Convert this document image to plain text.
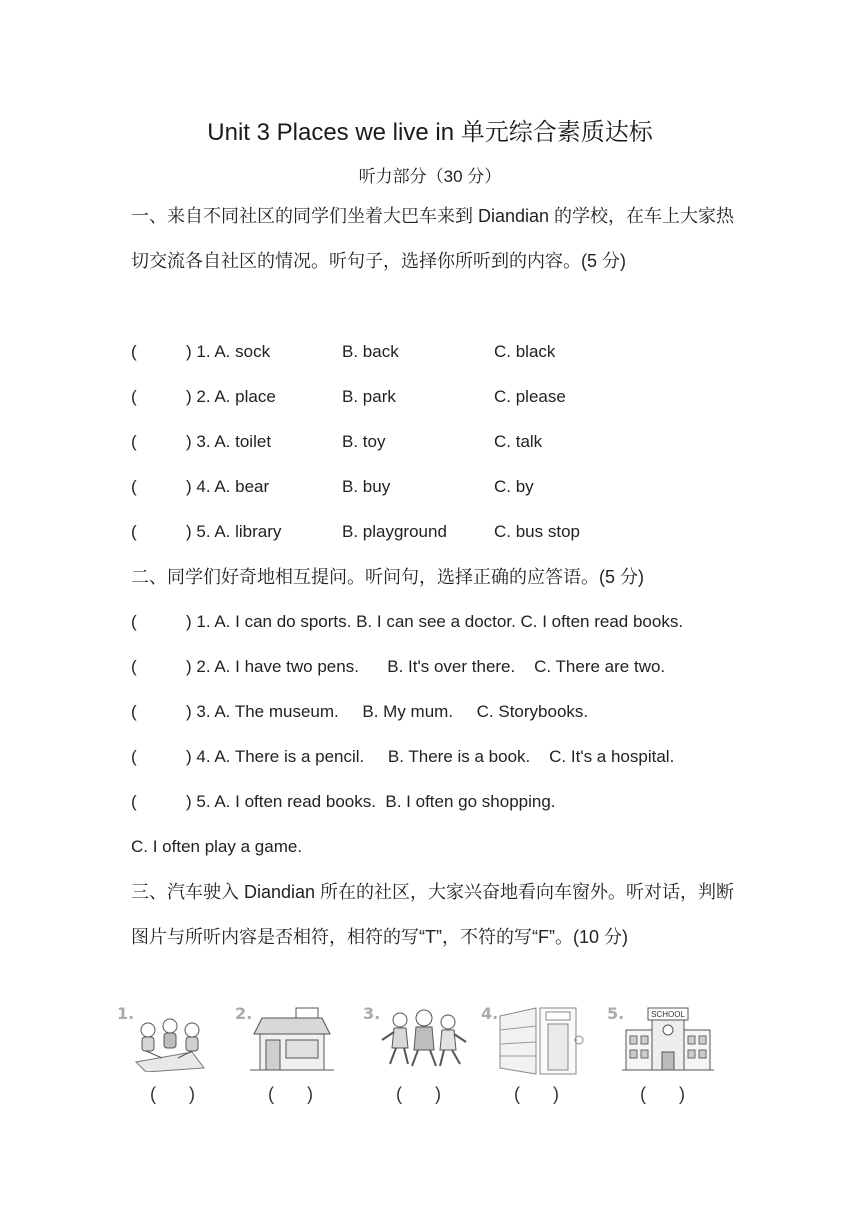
Unit 3 Places we live in 单元综合素质达标
听力部分（30 分）
一、来自不同社区的同学们坐着大巴车来到 Diandian 的学校，在车上大家热切交流各自社区的情况。听句子，选择你所听到的内容。(5 分)
(	) 1. A. sock	B. back	C. black
(	) 2. A. place	B. park	C. please
(	) 3. A. toilet	B. toy	C. talk
(	) 4. A. bear	B. buy	C. by
(	) 5. A. library	B. playground	C. bus stop
二、同学们好奇地相互提问。听问句，选择正确的应答语。(5 分)
(	) 1. A. I can do sports. B. I can see a doctor. C. I often read books.
(	) 2. A. I have two pens.      B. It's over there.    C. There are two.
(	) 3. A. The museum.     B. My mum.     C. Storybooks.
(	) 4. A. There is a pencil.     B. There is a book.    C. It's a hospital.
(	) 5. A. I often read books.  B. I often go shopping.
C. I often play a game.
三、汽车驶入 Diandian 所在的社区，大家兴奋地看向车窗外。听对话，判断图片与所听内容是否相符，相符的写“T”，不符的写“F”。(10 分)
1.
( )
2.
( )
3.
( )
4.
( )
5.	SCHOOL
( )
